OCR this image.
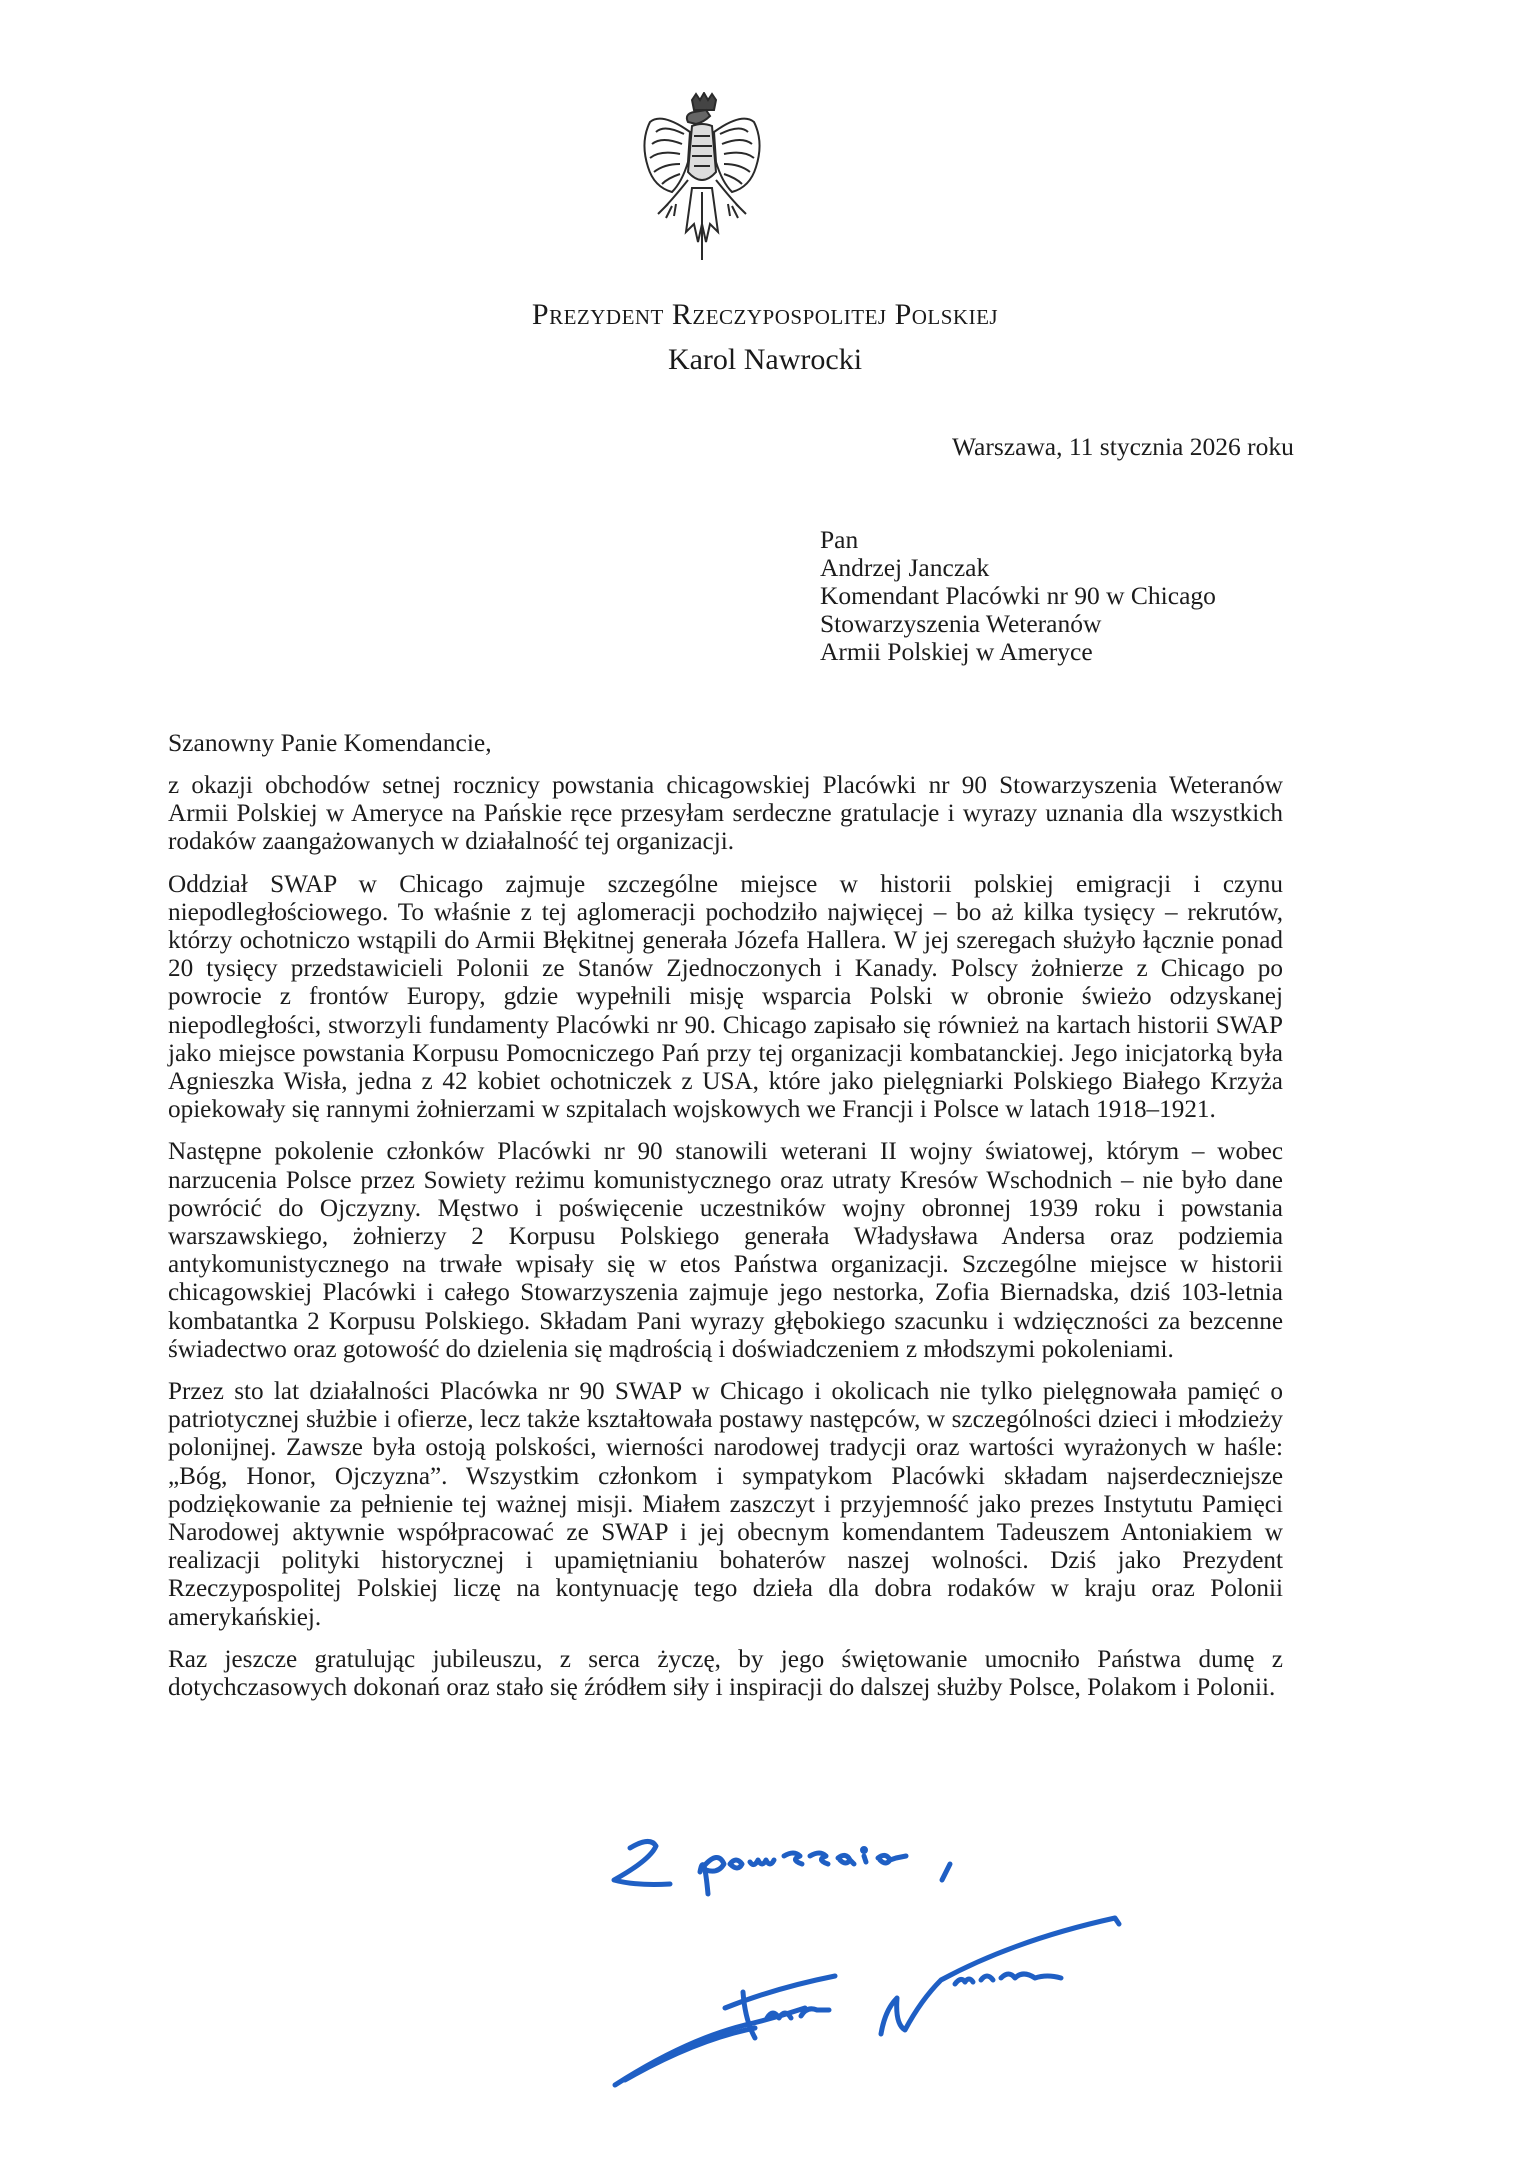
Prezydent Rzeczypospolitej Polskiej
Karol Nawrocki
Warszawa, 11 stycznia 2026 roku
Pan
Andrzej Janczak
Komendant Placówki nr 90 w Chicago
Stowarzyszenia Weteranów
Armii Polskiej w Ameryce
Szanowny Panie Komendancie,

z okazji obchodów setnej rocznicy powstania chicagowskiej Placówki nr 90 Stowarzyszenia Weteranów Armii Polskiej w Ameryce na Pańskie ręce przesyłam serdeczne gratulacje i wyrazy uznania dla wszystkich rodaków zaangażowanych w działalność tej organizacji.

Oddział SWAP w Chicago zajmuje szczególne miejsce w historii polskiej emigracji i czynu niepodległościowego. To właśnie z tej aglomeracji pochodziło najwięcej – bo aż kilka tysięcy – rekrutów, którzy ochotniczo wstąpili do Armii Błękitnej generała Józefa Hallera. W jej szeregach służyło łącznie ponad 20 tysięcy przedstawicieli Polonii ze Stanów Zjednoczonych i Kanady. Polscy żołnierze z Chicago po powrocie z frontów Europy, gdzie wypełnili misję wsparcia Polski w obronie świeżo odzyskanej niepodległości, stworzyli fundamenty Placówki nr 90. Chicago zapisało się również na kartach historii SWAP jako miejsce powstania Korpusu Pomocniczego Pań przy tej organizacji kombatanckiej. Jego inicjatorką była Agnieszka Wisła, jedna z 42 kobiet ochotniczek z USA, które jako pielęgniarki Polskiego Białego Krzyża opiekowały się rannymi żołnierzami w szpitalach wojskowych we Francji i Polsce w latach 1918–1921.

Następne pokolenie członków Placówki nr 90 stanowili weterani II wojny światowej, którym – wobec narzucenia Polsce przez Sowiety reżimu komunistycznego oraz utraty Kresów Wschodnich – nie było dane powrócić do Ojczyzny. Męstwo i poświęcenie uczestników wojny obronnej 1939 roku i powstania warszawskiego, żołnierzy 2 Korpusu Polskiego generała Władysława Andersa oraz podziemia antykomunistycznego na trwałe wpisały się w etos Państwa organizacji. Szczególne miejsce w historii chicagowskiej Placówki i całego Stowarzyszenia zajmuje jego nestorka, Zofia Biernadska, dziś 103-letnia kombatantka 2 Korpusu Polskiego. Składam Pani wyrazy głębokiego szacunku i wdzięczności za bezcenne świadectwo oraz gotowość do dzielenia się mądrością i doświadczeniem z młodszymi pokoleniami.

Przez sto lat działalności Placówka nr 90 SWAP w Chicago i okolicach nie tylko pielęgnowała pamięć o patriotycznej służbie i ofierze, lecz także kształtowała postawy następców, w szczególności dzieci i młodzieży polonijnej. Zawsze była ostoją polskości, wierności narodowej tradycji oraz wartości wyrażonych w haśle: „Bóg, Honor, Ojczyzna”. Wszystkim członkom i sympatykom Placówki składam najserdeczniejsze podziękowanie za pełnienie tej ważnej misji. Miałem zaszczyt i przyjemność jako prezes Instytutu Pamięci Narodowej aktywnie współpracować ze SWAP i jej obecnym komendantem Tadeuszem Antoniakiem w realizacji polityki historycznej i upamiętnianiu bohaterów naszej wolności. Dziś jako Prezydent Rzeczypospolitej Polskiej liczę na kontynuację tego dzieła dla dobra rodaków w kraju oraz Polonii amerykańskiej.

Raz jeszcze gratulując jubileuszu, z serca życzę, by jego świętowanie umocniło Państwa dumę z dotychczasowych dokonań oraz stało się źródłem siły i inspiracji do dalszej służby Polsce, Polakom i Polonii.
